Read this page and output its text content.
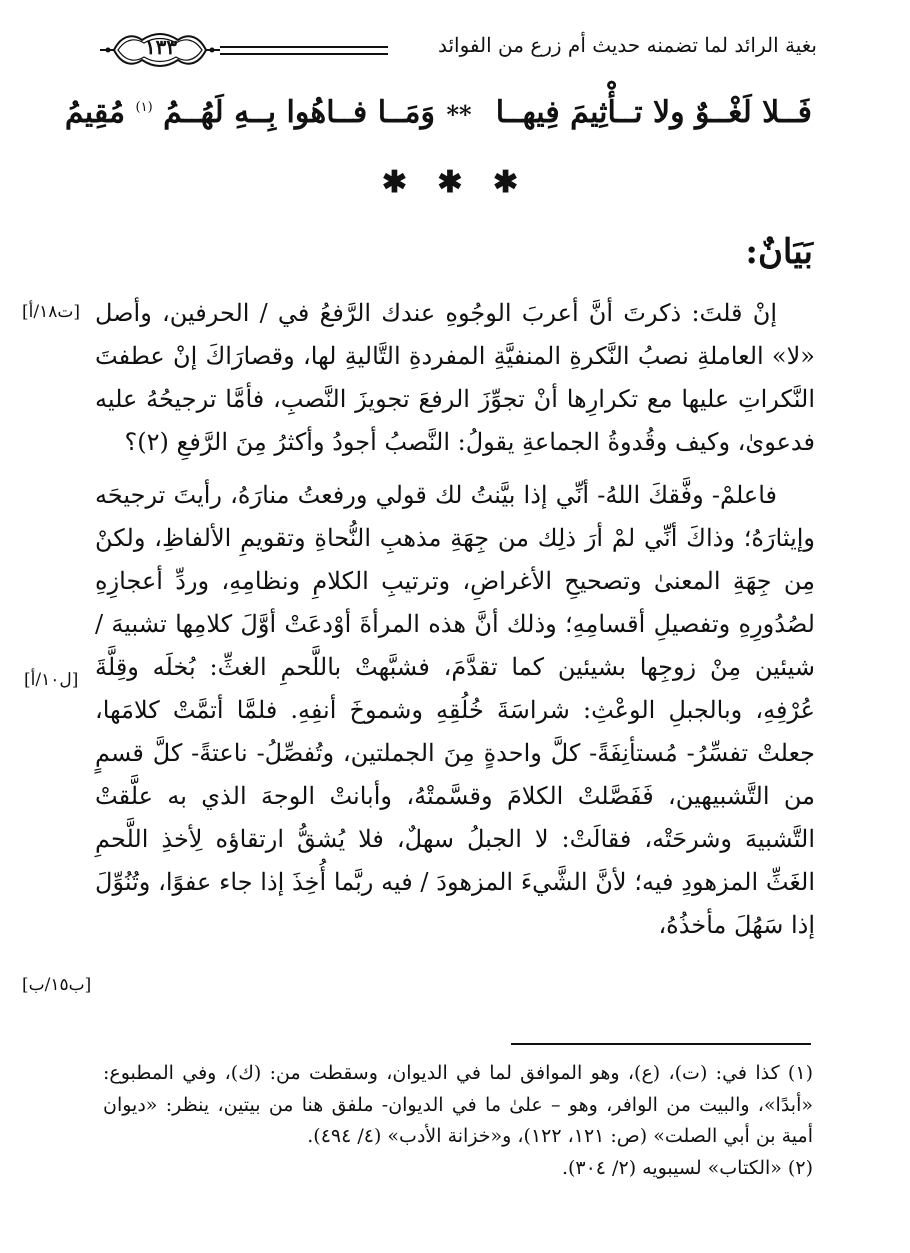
بغية الرائد لما تضمنه حديث أم زرع من الفوائد
١٣٣
فَــلا لَغْــوٌ ولا تــأْثِيمَ فِيهــا
**
وَمَــا فــاهُوا بِــهِ لَهُــمُ $^{(١)}$ مُقِيمُ
✱ ✱ ✱
بَيَانٌ:

إنْ قلتَ: ذكرتَ أنَّ أعربَ الوجُوهِ عندك الرَّفعُ في / الحرفين، وأصل «لا» العاملةِ نصبُ النَّكرةِ المنفيَّةِ المفردةِ التَّاليةِ لها، وقصارَاكَ إنْ عطفتَ النَّكراتِ عليها مع تكرارِها أنْ تجوِّزَ الرفعَ تجويزَ النَّصبِ، فأمَّا ترجيحُهُ عليه فدعوىٰ، وكيف وقُدوةُ الجماعةِ يقولُ: النَّصبُ أجودُ وأكثرُ مِنَ الرَّفعِ (٢)؟

فاعلمْ- وفَّقكَ اللهُ- أنِّي إذا بيَّنتُ لك قولي ورفعتُ منارَهُ، رأيتَ ترجيحَه وإيثارَهُ؛ وذاكَ أنِّي لمْ أرَ ذلِك من جِهَةِ مذهبِ النُّحاةِ وتقويمِ الألفاظِ، ولكنْ مِن جِهَةِ المعنىٰ وتصحيحِ الأغراضِ، وترتيبِ الكلامِ ونظامِهِ، وردِّ أعجازِهِ لصُدُورِهِ وتفصيلِ أقسامِهِ؛ وذلك أنَّ هذه المرأةَ أوْدعَتْ أوَّلَ كلامِها تشبيهَ / شيئين مِنْ زوجِها بشيئين كما تقدَّمَ، فشبَّهتْ باللَّحمِ الغثِّ: بُخلَه وقِلَّةَ عُرْفِهِ، وبالجبلِ الوعْثِ: شراسَةَ خُلُقِهِ وشموخَ أنفِهِ. فلمَّا أتمَّتْ كلامَها، جعلتْ تفسِّرُ- مُستأنِفَةً- كلَّ واحدةٍ مِنَ الجملتين، وتُفصِّلُ- ناعتةً- كلَّ قسمٍ من التَّشبيهين، فَفَصَّلتْ الكلامَ وقسَّمتْهُ، وأبانتْ الوجهَ الذي به علَّقتْ التَّشبيهَ وشرحَتْه، فقالَتْ: لا الجبلُ سهلٌ، فلا يُشقُّ ارتقاؤه لِأخذِ اللَّحمِ الغَثِّ المزهودِ فيه؛ لأنَّ الشَّيءَ المزهودَ / فيه ربَّما أُخِذَ إذا جاء عفوًا، وتُنُوِّلَ إذا سَهُلَ مأخذُهُ،

[ت١٨/أ]
[ل١٠/أ]
[ب١٥/ب]

(١) كذا في: (ت)، (ع)، وهو الموافق لما في الديوان، وسقطت من: (ك)، وفي المطبوع: «أبدًا»، والبيت من الوافر، وهو – علىٰ ما في الديوان- ملفق هنا من بيتين، ينظر: «ديوان أمية بن أبي الصلت» (ص: ١٢١، ١٢٢)، و«خزانة الأدب» (٤/ ٤٩٤).

(٢) «الكتاب» لسيبويه (٢/ ٣٠٤).
